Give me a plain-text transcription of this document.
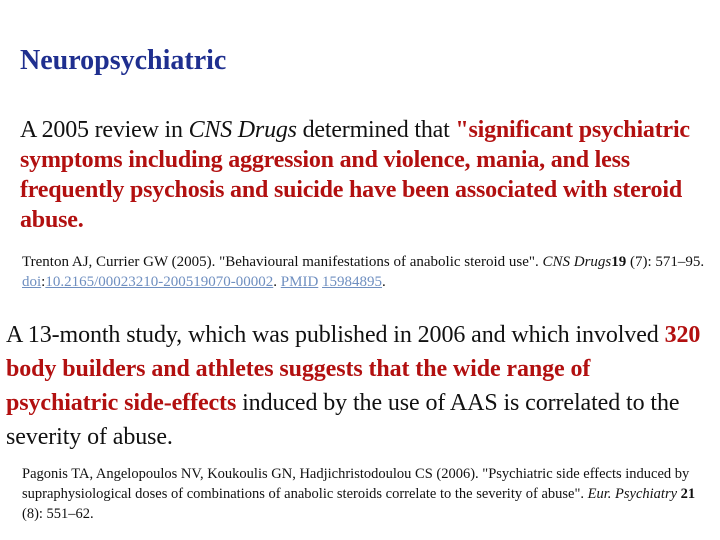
Neuropsychiatric
A 2005 review in CNS Drugs determined that "significant psychiatric symptoms including aggression and violence, mania, and less frequently psychosis and suicide have been associated with steroid abuse.
Trenton AJ, Currier GW (2005). "Behavioural manifestations of anabolic steroid use". CNS Drugs19 (7): 571–95. doi:10.2165/00023210-200519070-00002. PMID 15984895.
A 13-month study, which was published in 2006 and which involved 320 body builders and athletes suggests that the wide range of psychiatric side-effects induced by the use of AAS is correlated to the severity of abuse.
Pagonis TA, Angelopoulos NV, Koukoulis GN, Hadjichristodoulou CS (2006). "Psychiatric side effects induced by supraphysiological doses of combinations of anabolic steroids correlate to the severity of abuse". Eur. Psychiatry 21 (8): 551–62.
